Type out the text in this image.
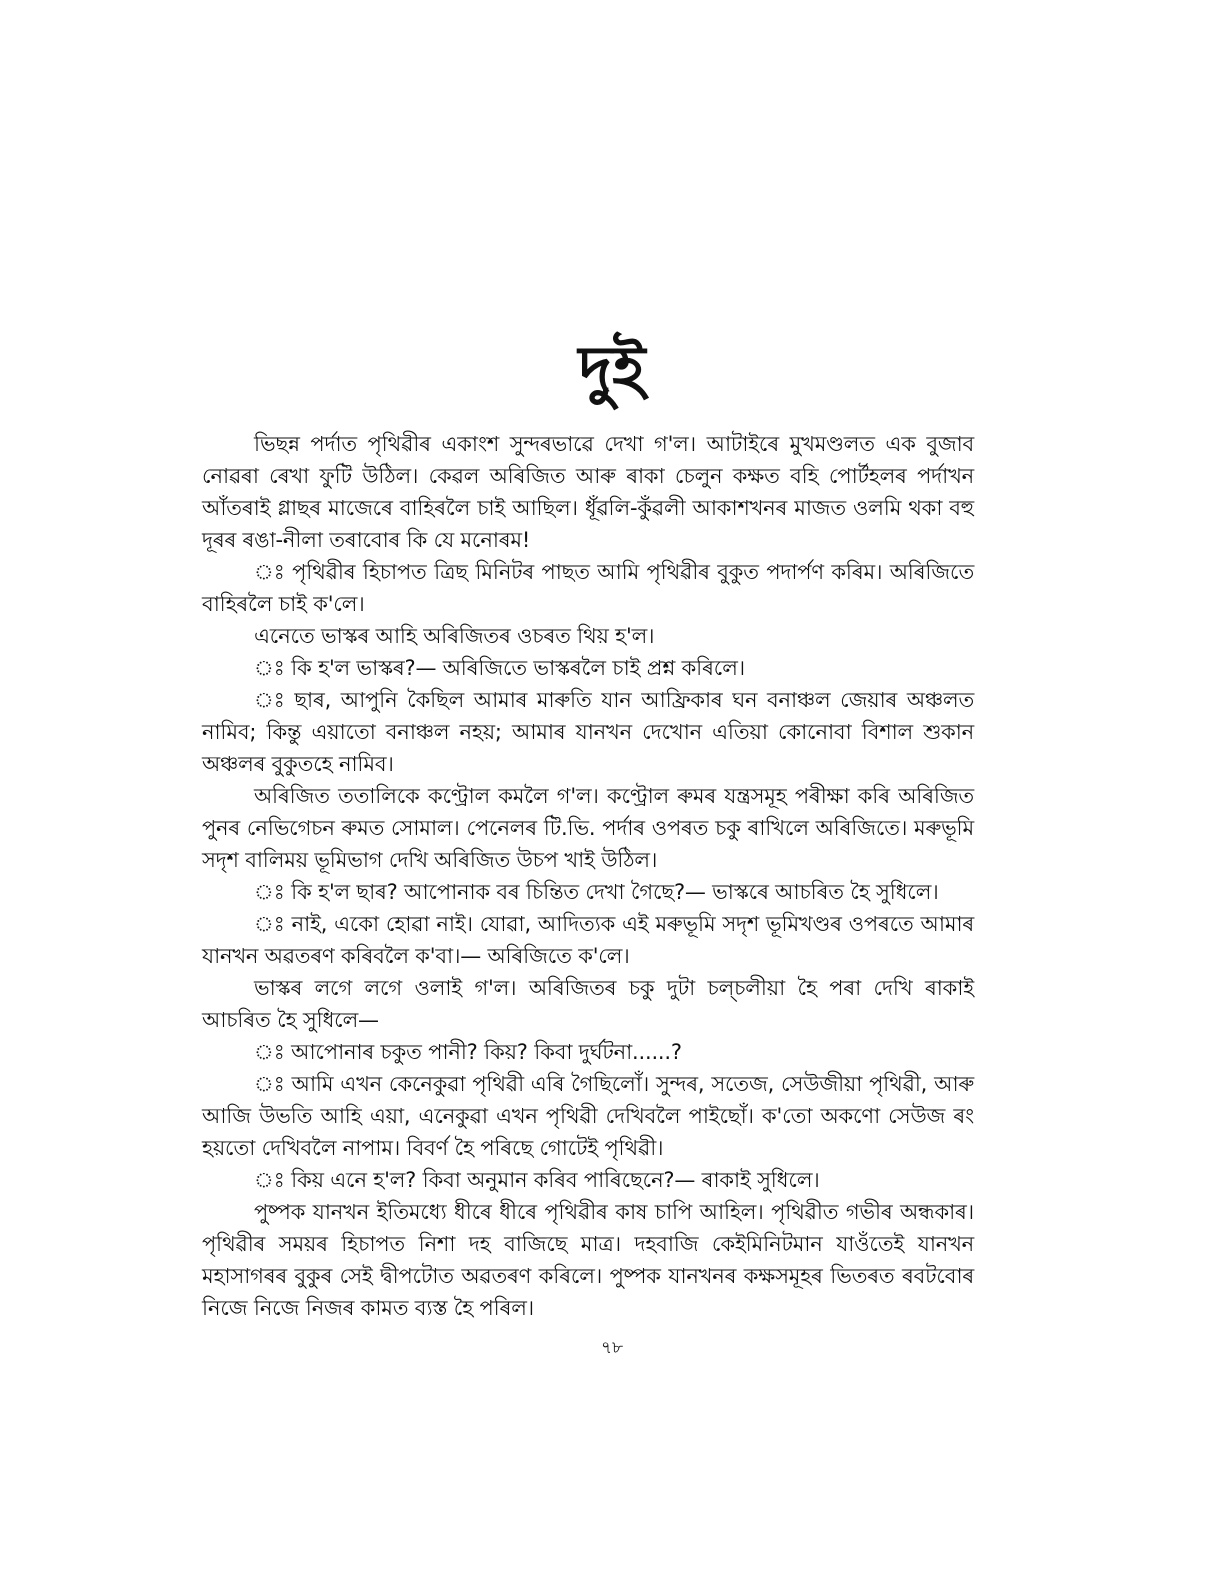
দুই

ভিছন্ন পৰ্দাত পৃথিৱীৰ একাংশ সুন্দৰভাৱে দেখা গ'ল। আটাইৰে মুখমণ্ডলত এক বুজাব নোৱৰা ৰেখা ফুটি উঠিল। কেৱল অৰিজিত আৰু ৰাকা চেলুন কক্ষত বহি পোর্টহলৰ পর্দাখন আঁতৰাই গ্লাছৰ মাজেৰে বাহিৰলৈ চাই আছিল। ধূঁৱলি-কুঁৱলী আকাশখনৰ মাজত ওলমি থকা বহু দূৰৰ ৰঙা-নীলা তৰাবোৰ কি যে মনোৰম!

ঃ পৃথিৱীৰ হিচাপত ত্ৰিছ মিনিটৰ পাছত আমি পৃথিৱীৰ বুকুত পদাৰ্পণ কৰিম। অৰিজিতে বাহিৰলৈ চাই ক'লে।

এনেতে ভাস্কৰ আহি অৰিজিতৰ ওচৰত থিয় হ'ল।

ঃ কি হ'ল ভাস্কৰ?— অৰিজিতে ভাস্কৰলৈ চাই প্ৰশ্ন কৰিলে।

ঃ ছাৰ, আপুনি কৈছিল আমাৰ মাৰুতি যান আফ্ৰিকাৰ ঘন বনাঞ্চল জেয়াৰ অঞ্চলত নামিব; কিন্তু এয়াতো বনাঞ্চল নহয়; আমাৰ যানখন দেখোন এতিয়া কোনোবা বিশাল শুকান অঞ্চলৰ বুকুতহে নামিব।

অৰিজিত ততালিকে কণ্ট্ৰোল কমলৈ গ'ল। কণ্ট্ৰোল ৰুমৰ যন্ত্ৰসমূহ পৰীক্ষা কৰি অৰিজিত পুনৰ নেভিগেচন ৰুমত সোমাল। পেনেলৰ টি.ভি. পৰ্দাৰ ওপৰত চকু ৰাখিলে অৰিজিতে। মৰুভূমি সদৃশ বালিময় ভূমিভাগ দেখি অৰিজিত উচপ খাই উঠিল।

ঃ কি হ'ল ছাৰ? আপোনাক বৰ চিন্তিত দেখা গৈছে?— ভাস্কৰে আচৰিত হৈ সুধিলে।

ঃ নাই, একো হোৱা নাই। যোৱা, আদিত্যক এই মৰুভূমি সদৃশ ভূমিখণ্ডৰ ওপৰতে আমাৰ যানখন অৱতৰণ কৰিবলৈ ক'বা।— অৰিজিতে ক'লে।

ভাস্কৰ লগে লগে ওলাই গ'ল। অৰিজিতৰ চকু দুটা চল্‌চলীয়া হৈ পৰা দেখি ৰাকাই আচৰিত হৈ সুধিলে—

ঃ আপোনাৰ চকুত পানী? কিয়? কিবা দুৰ্ঘটনা......?

ঃ আমি এখন কেনেকুৱা পৃথিৱী এৰি গৈছিলোঁ। সুন্দৰ, সতেজ, সেউজীয়া পৃথিৱী, আৰু আজি উভতি আহি এয়া, এনেকুৱা এখন পৃথিৱী দেখিবলৈ পাইছোঁ। ক'তো অকণো সেউজ ৰং হয়তো দেখিবলৈ নাপাম। বিবৰ্ণ হৈ পৰিছে গোটেই পৃথিৱী।

ঃ কিয় এনে হ'ল? কিবা অনুমান কৰিব পাৰিছেনে?— ৰাকাই সুধিলে।

পুষ্পক যানখন ইতিমধ্যে ধীৰে ধীৰে পৃথিৱীৰ কাষ চাপি আহিল। পৃথিৱীত গভীৰ অন্ধকাৰ। পৃথিৱীৰ সময়ৰ হিচাপত নিশা দহ বাজিছে মাত্ৰ। দহবাজি কেইমিনিটমান যাওঁতেই যানখন মহাসাগৰৰ বুকুৰ সেই দ্বীপটোত অৱতৰণ কৰিলে। পুষ্পক যানখনৰ কক্ষসমূহৰ ভিতৰত ৰবটবোৰ নিজে নিজে নিজৰ কামত ব্যস্ত হৈ পৰিল।

৭৮
